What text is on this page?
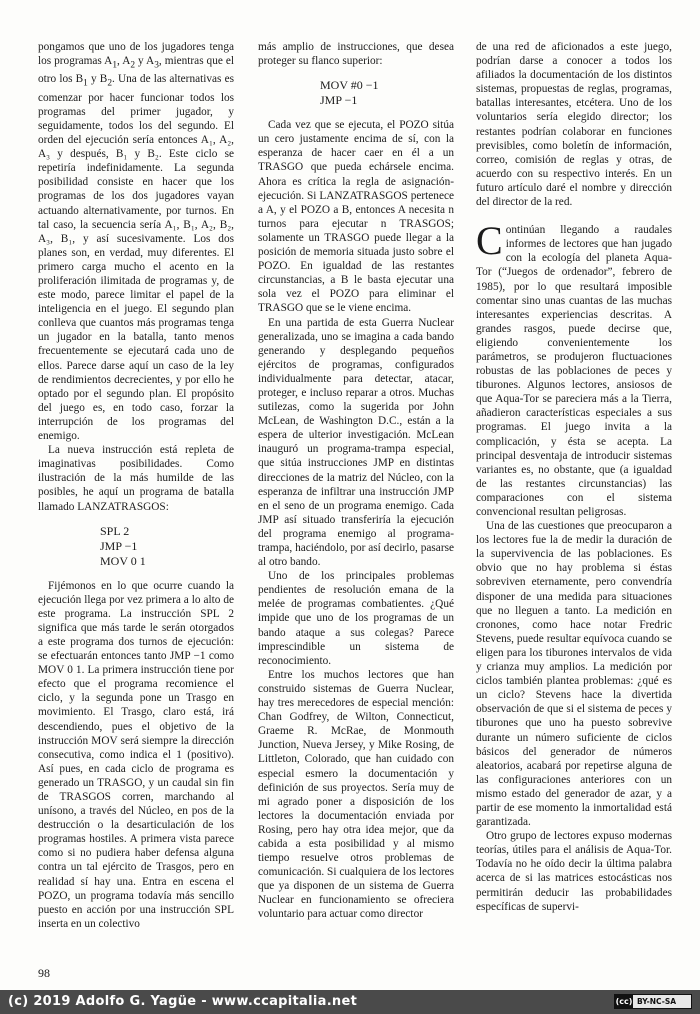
pongamos que uno de los jugadores tenga los programas $A_1$, $A_2$ y $A_3$, mientras que el otro los $B_1$ y $B_2$. Una de las alternativas es comenzar por hacer funcionar todos los programas del primer jugador, y seguidamente, todos los del segundo. El orden del ejecución sería entonces A₁, A₂, A₃ y después, B₁ y B₂. Este ciclo se repetiría indefinidamente. La segunda posibilidad consiste en hacer que los programas de los dos jugadores vayan actuando alternativamente, por turnos. En tal caso, la secuencia sería A₁, B₁, A₂, B₂, A₃, B₁, y así sucesivamente. Los dos planes son, en verdad, muy diferentes. El primero carga mucho el acento en la proliferación ilimitada de programas y, de este modo, parece limitar el papel de la inteligencia en el juego. El segundo plan conlleva que cuantos más programas tenga un jugador en la batalla, tanto menos frecuentemente se ejecutará cada uno de ellos. Parece darse aquí un caso de la ley de rendimientos decrecientes, y por ello he optado por el segundo plan. El propósito del juego es, en todo caso, forzar la interrupción de los programas del enemigo.

La nueva instrucción está repleta de imaginativas posibilidades. Como ilustración de la más humilde de las posibles, he aquí un programa de batalla llamado LANZATRASGOS:

SPL 2
JMP −1
MOV 0 1

Fijémonos en lo que ocurre cuando la ejecución llega por vez primera a lo alto de este programa. La instrucción SPL 2 significa que más tarde le serán otorgados a este programa dos turnos de ejecución: se efectuarán entonces tanto JMP −1 como MOV 0 1. La primera instrucción tiene por efecto que el programa recomience el ciclo, y la segunda pone un Trasgo en movimiento. El Trasgo, claro está, irá descendiendo, pues el objetivo de la instrucción MOV será siempre la dirección consecutiva, como indica el 1 (positivo). Así pues, en cada ciclo de programa es generado un TRASGO, y un caudal sin fin de TRASGOS corren, marchando al unísono, a través del Núcleo, en pos de la destrucción o la desarticulación de los programas hostiles. A primera vista parece como si no pudiera haber defensa alguna contra un tal ejército de Trasgos, pero en realidad sí hay una. Entra en escena el POZO, un programa todavía más sencillo puesto en acción por una instrucción SPL inserta en un colectivo

más amplio de instrucciones, que desea proteger su flanco superior:

MOV #0 −1
JMP −1

Cada vez que se ejecuta, el POZO sitúa un cero justamente encima de sí, con la esperanza de hacer caer en él a un TRASGO que pueda echársele encima. Ahora es crítica la regla de asignación-ejecución. Si LANZATRASGOS pertenece a A, y el POZO a B, entonces A necesita n turnos para ejecutar n TRASGOS; solamente un TRASGO puede llegar a la posición de memoria situada justo sobre el POZO. En igualdad de las restantes circunstancias, a B le basta ejecutar una sola vez el POZO para eliminar el TRASGO que se le viene encima.

En una partida de esta Guerra Nuclear generalizada, uno se imagina a cada bando generando y desplegando pequeños ejércitos de programas, configurados individualmente para detectar, atacar, proteger, e incluso reparar a otros. Muchas sutilezas, como la sugerida por John McLean, de Washington D.C., están a la espera de ulterior investigación. McLean inauguró un programa-trampa especial, que sitúa instrucciones JMP en distintas direcciones de la matriz del Núcleo, con la esperanza de infiltrar una instrucción JMP en el seno de un programa enemigo. Cada JMP así situado transferiría la ejecución del programa enemigo al programa-trampa, haciéndolo, por así decirlo, pasarse al otro bando.

Uno de los principales problemas pendientes de resolución emana de la melée de programas combatientes. ¿Qué impide que uno de los programas de un bando ataque a sus colegas? Parece imprescindible un sistema de reconocimiento.

Entre los muchos lectores que han construido sistemas de Guerra Nuclear, hay tres merecedores de especial mención: Chan Godfrey, de Wilton, Connecticut, Graeme R. McRae, de Monmouth Junction, Nueva Jersey, y Mike Rosing, de Littleton, Colorado, que han cuidado con especial esmero la documentación y definición de sus proyectos. Sería muy de mi agrado poner a disposición de los lectores la documentación enviada por Rosing, pero hay otra idea mejor, que da cabida a esta posibilidad y al mismo tiempo resuelve otros problemas de comunicación. Si cualquiera de los lectores que ya disponen de un sistema de Guerra Nuclear en funcionamiento se ofreciera voluntario para actuar como director

de una red de aficionados a este juego, podrían darse a conocer a todos los afiliados la documentación de los distintos sistemas, propuestas de reglas, programas, batallas interesantes, etcétera. Uno de los voluntarios sería elegido director; los restantes podrían colaborar en funciones previsibles, como boletín de información, correo, comisión de reglas y otras, de acuerdo con su respectivo interés. En un futuro artículo daré el nombre y dirección del director de la red.

Continúan llegando a raudales informes de lectores que han jugado con la ecología del planeta Aqua-Tor (“Juegos de ordenador”, febrero de 1985), por lo que resultará imposible comentar sino unas cuantas de las muchas interesantes experiencias descritas. A grandes rasgos, puede decirse que, eligiendo convenientemente los parámetros, se produjeron fluctuaciones robustas de las poblaciones de peces y tiburones. Algunos lectores, ansiosos de que Aqua-Tor se pareciera más a la Tierra, añadieron características especiales a sus programas. El juego invita a la complicación, y ésta se acepta. La principal desventaja de introducir sistemas variantes es, no obstante, que (a igualdad de las restantes circunstancias) las comparaciones con el sistema convencional resultan peligrosas.

Una de las cuestiones que preocuparon a los lectores fue la de medir la duración de la supervivencia de las poblaciones. Es obvio que no hay problema si éstas sobreviven eternamente, pero convendría disponer de una medida para situaciones que no lleguen a tanto. La medición en cronones, como hace notar Fredric Stevens, puede resultar equívoca cuando se eligen para los tiburones intervalos de vida y crianza muy amplios. La medición por ciclos también plantea problemas: ¿qué es un ciclo? Stevens hace la divertida observación de que si el sistema de peces y tiburones que uno ha puesto sobrevive durante un número suficiente de ciclos básicos del generador de números aleatorios, acabará por repetirse alguna de las configuraciones anteriores con un mismo estado del generador de azar, y a partir de ese momento la inmortalidad está garantizada.

Otro grupo de lectores expuso modernas teorías, útiles para el análisis de Aqua-Tor. Todavía no he oído decir la última palabra acerca de si las matrices estocásticas nos permitirán deducir las probabilidades específicas de supervi-

98
(c) 2019 Adolfo G. Yagüe - www.ccapitalia.net	(cc) BY-NC-SA
